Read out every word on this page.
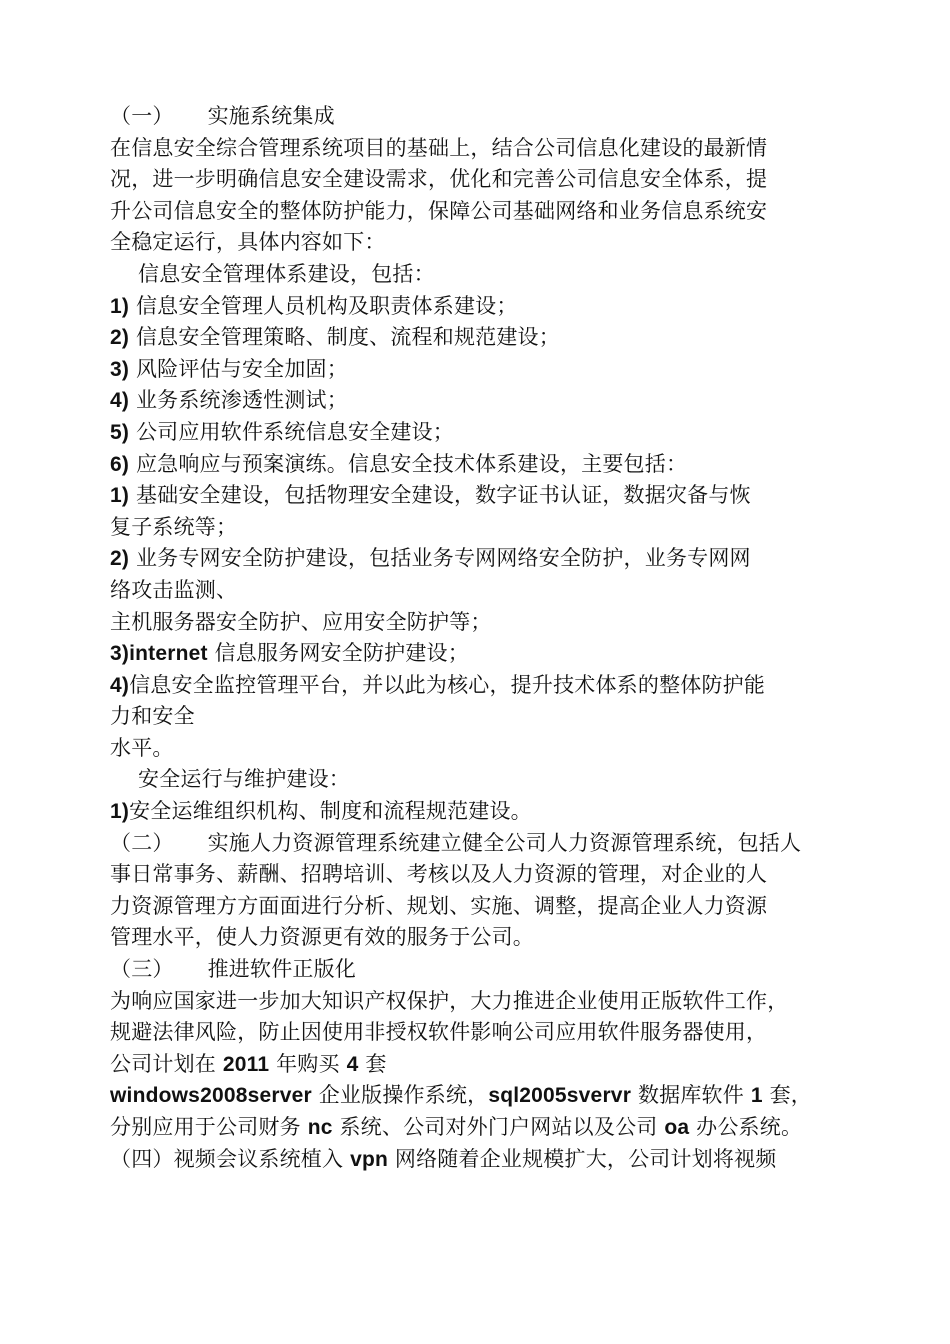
（一） 实施系统集成
在信息安全综合管理系统项目的基础上，结合公司信息化建设的最新情
况，进一步明确信息安全建设需求，优化和完善公司信息安全体系，提
升公司信息安全的整体防护能力，保障公司基础网络和业务信息系统安
全稳定运行，具体内容如下：
信息安全管理体系建设，包括：
1) 信息安全管理人员机构及职责体系建设；
2) 信息安全管理策略、制度、流程和规范建设；
3) 风险评估与安全加固；
4) 业务系统渗透性测试；
5) 公司应用软件系统信息安全建设；
6) 应急响应与预案演练。信息安全技术体系建设，主要包括：
1) 基础安全建设，包括物理安全建设，数字证书认证，数据灾备与恢
复子系统等；
2) 业务专网安全防护建设，包括业务专网网络安全防护，业务专网网
络攻击监测、
主机服务器安全防护、应用安全防护等；
3)internet 信息服务网安全防护建设；
4)信息安全监控管理平台，并以此为核心，提升技术体系的整体防护能
力和安全
水平。
安全运行与维护建设：
1)安全运维组织机构、制度和流程规范建设。
（二） 实施人力资源管理系统建立健全公司人力资源管理系统，包括人
事日常事务、薪酬、招聘培训、考核以及人力资源的管理，对企业的人
力资源管理方方面面进行分析、规划、实施、调整，提高企业人力资源
管理水平，使人力资源更有效的服务于公司。
（三） 推进软件正版化
为响应国家进一步加大知识产权保护，大力推进企业使用正版软件工作，
规避法律风险，防止因使用非授权软件影响公司应用软件服务器使用，
公司计划在 2011 年购买 4 套
windows2008server 企业版操作系统，sql2005svervr 数据库软件 1 套，
分别应用于公司财务 nc 系统、公司对外门户网站以及公司 oa 办公系统。
（四）视频会议系统植入 vpn 网络随着企业规模扩大，公司计划将视频
